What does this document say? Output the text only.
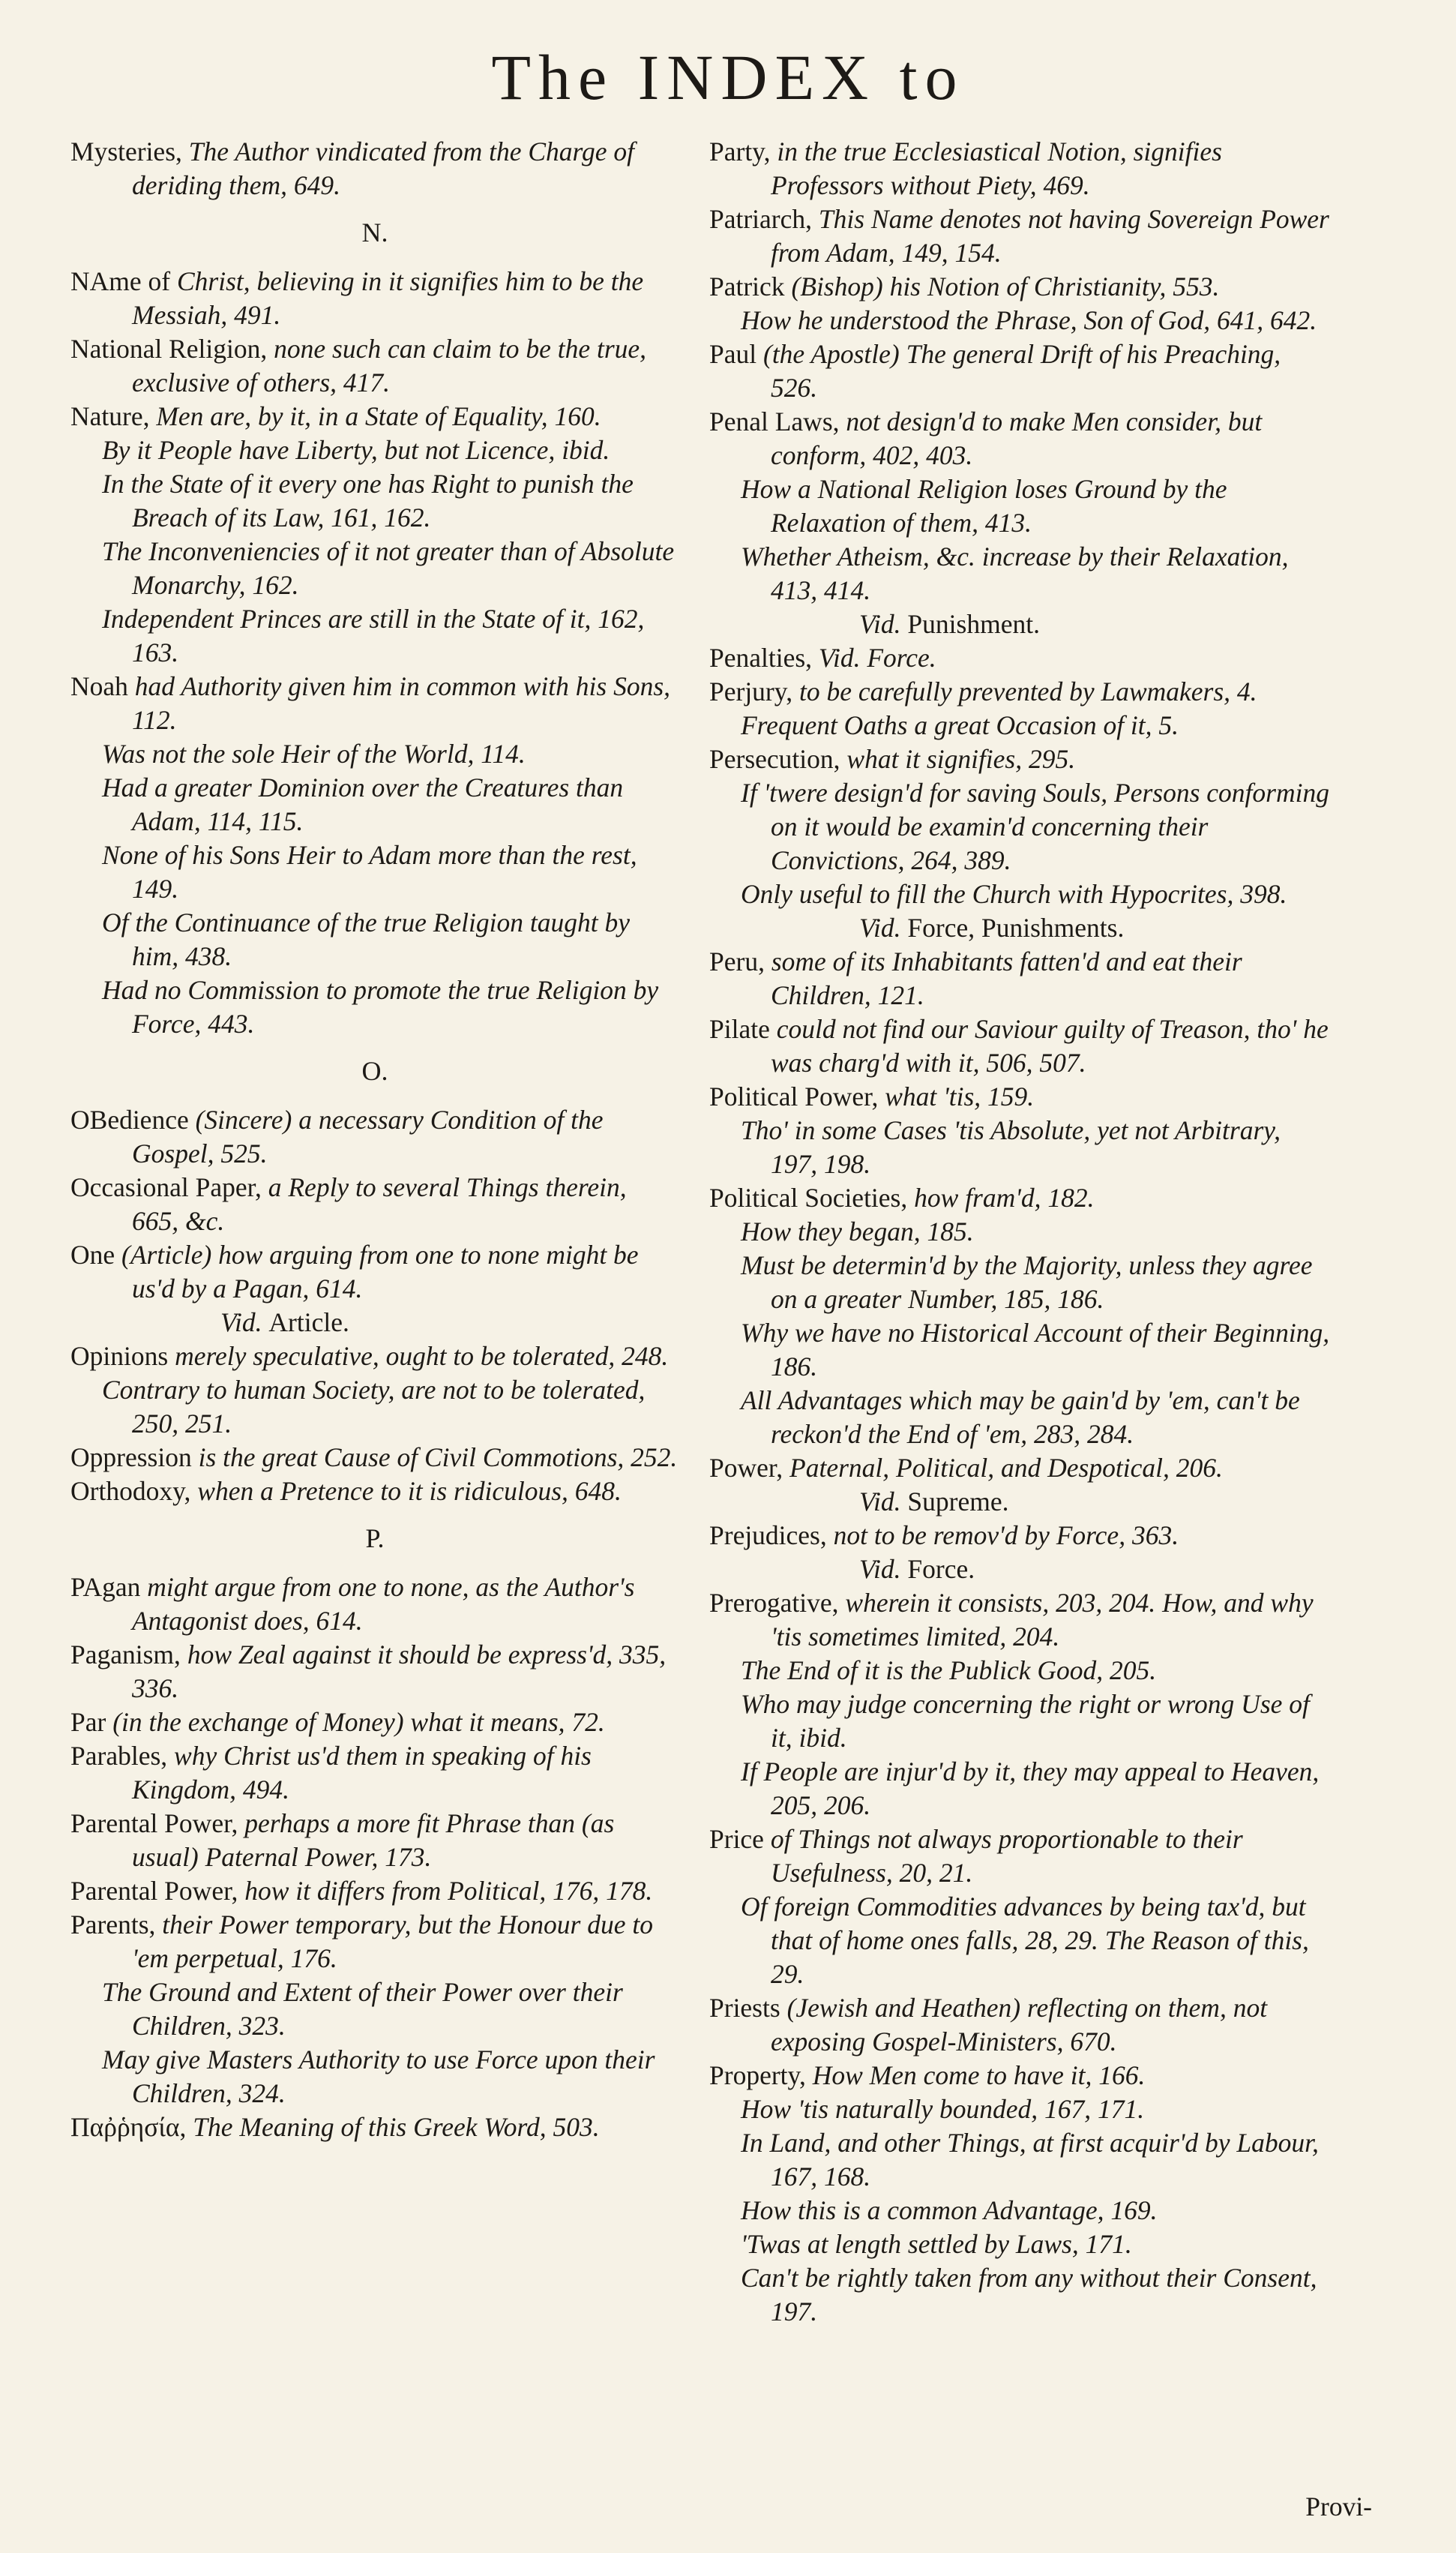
The INDEX to
Mysteries, The Author vindicated from the Charge of deriding them, 649.
N.
NAme of Christ, believing in it signifies him to be the Messiah, 491.
National Religion, none such can claim to be the true, exclusive of others, 417.
Nature, Men are, by it, in a State of Equality, 160.
By it People have Liberty, but not Licence, ibid.
In the State of it every one has Right to punish the Breach of its Law, 161, 162.
The Inconveniencies of it not greater than of Absolute Monarchy, 162.
Independent Princes are still in the State of it, 162, 163.
Noah had Authority given him in common with his Sons, 112.
Was not the sole Heir of the World, 114.
Had a greater Dominion over the Creatures than Adam, 114, 115.
None of his Sons Heir to Adam more than the rest, 149.
Of the Continuance of the true Religion taught by him, 438.
Had no Commission to promote the true Religion by Force, 443.
O.
OBedience (Sincere) a necessary Condition of the Gospel, 525.
Occasional Paper, a Reply to several Things therein, 665, &c.
One (Article) how arguing from one to none might be us'd by a Pagan, 614.
Vid. Article.
Opinions merely speculative, ought to be tolerated, 248.
Contrary to human Society, are not to be tolerated, 250, 251.
Oppression is the great Cause of Civil Commotions, 252.
Orthodoxy, when a Pretence to it is ridiculous, 648.
P.
PAgan might argue from one to none, as the Author's Antagonist does, 614.
Paganism, how Zeal against it should be express'd, 335, 336.
Par (in the exchange of Money) what it means, 72.
Parables, why Christ us'd them in speaking of his Kingdom, 494.
Parental Power, perhaps a more fit Phrase than (as usual) Paternal Power, 173.
Parental Power, how it differs from Political, 176, 178.
Parents, their Power temporary, but the Honour due to 'em perpetual, 176.
The Ground and Extent of their Power over their Children, 323.
May give Masters Authority to use Force upon their Children, 324.
Παῤῥησία, The Meaning of this Greek Word, 503.
Party, in the true Ecclesiastical Notion, signifies Professors without Piety, 469.
Patriarch, This Name denotes not having Sovereign Power from Adam, 149, 154.
Patrick (Bishop) his Notion of Christianity, 553.
How he understood the Phrase, Son of God, 641, 642.
Paul (the Apostle) The general Drift of his Preaching, 526.
Penal Laws, not design'd to make Men consider, but conform, 402, 403.
How a National Religion loses Ground by the Relaxation of them, 413.
Whether Atheism, &c. increase by their Relaxation, 413, 414.
Vid. Punishment.
Penalties, Vid. Force.
Perjury, to be carefully prevented by Lawmakers, 4.
Frequent Oaths a great Occasion of it, 5.
Persecution, what it signifies, 295.
If 'twere design'd for saving Souls, Persons conforming on it would be examin'd concerning their Convictions, 264, 389.
Only useful to fill the Church with Hypocrites, 398.
Vid. Force, Punishments.
Peru, some of its Inhabitants fatten'd and eat their Children, 121.
Pilate could not find our Saviour guilty of Treason, tho' he was charg'd with it, 506, 507.
Political Power, what 'tis, 159.
Tho' in some Cases 'tis Absolute, yet not Arbitrary, 197, 198.
Political Societies, how fram'd, 182.
How they began, 185.
Must be determin'd by the Majority, unless they agree on a greater Number, 185, 186.
Why we have no Historical Account of their Beginning, 186.
All Advantages which may be gain'd by 'em, can't be reckon'd the End of 'em, 283, 284.
Power, Paternal, Political, and Despotical, 206.
Vid. Supreme.
Prejudices, not to be remov'd by Force, 363.
Vid. Force.
Prerogative, wherein it consists, 203, 204. How, and why 'tis sometimes limited, 204.
The End of it is the Publick Good, 205.
Who may judge concerning the right or wrong Use of it, ibid.
If People are injur'd by it, they may appeal to Heaven, 205, 206.
Price of Things not always proportionable to their Usefulness, 20, 21.
Of foreign Commodities advances by being tax'd, but that of home ones falls, 28, 29. The Reason of this, 29.
Priests (Jewish and Heathen) reflecting on them, not exposing Gospel-Ministers, 670.
Property, How Men come to have it, 166.
How 'tis naturally bounded, 167, 171.
In Land, and other Things, at first acquir'd by Labour, 167, 168.
How this is a common Advantage, 169.
'Twas at length settled by Laws, 171.
Can't be rightly taken from any without their Consent, 197.
Provi-
